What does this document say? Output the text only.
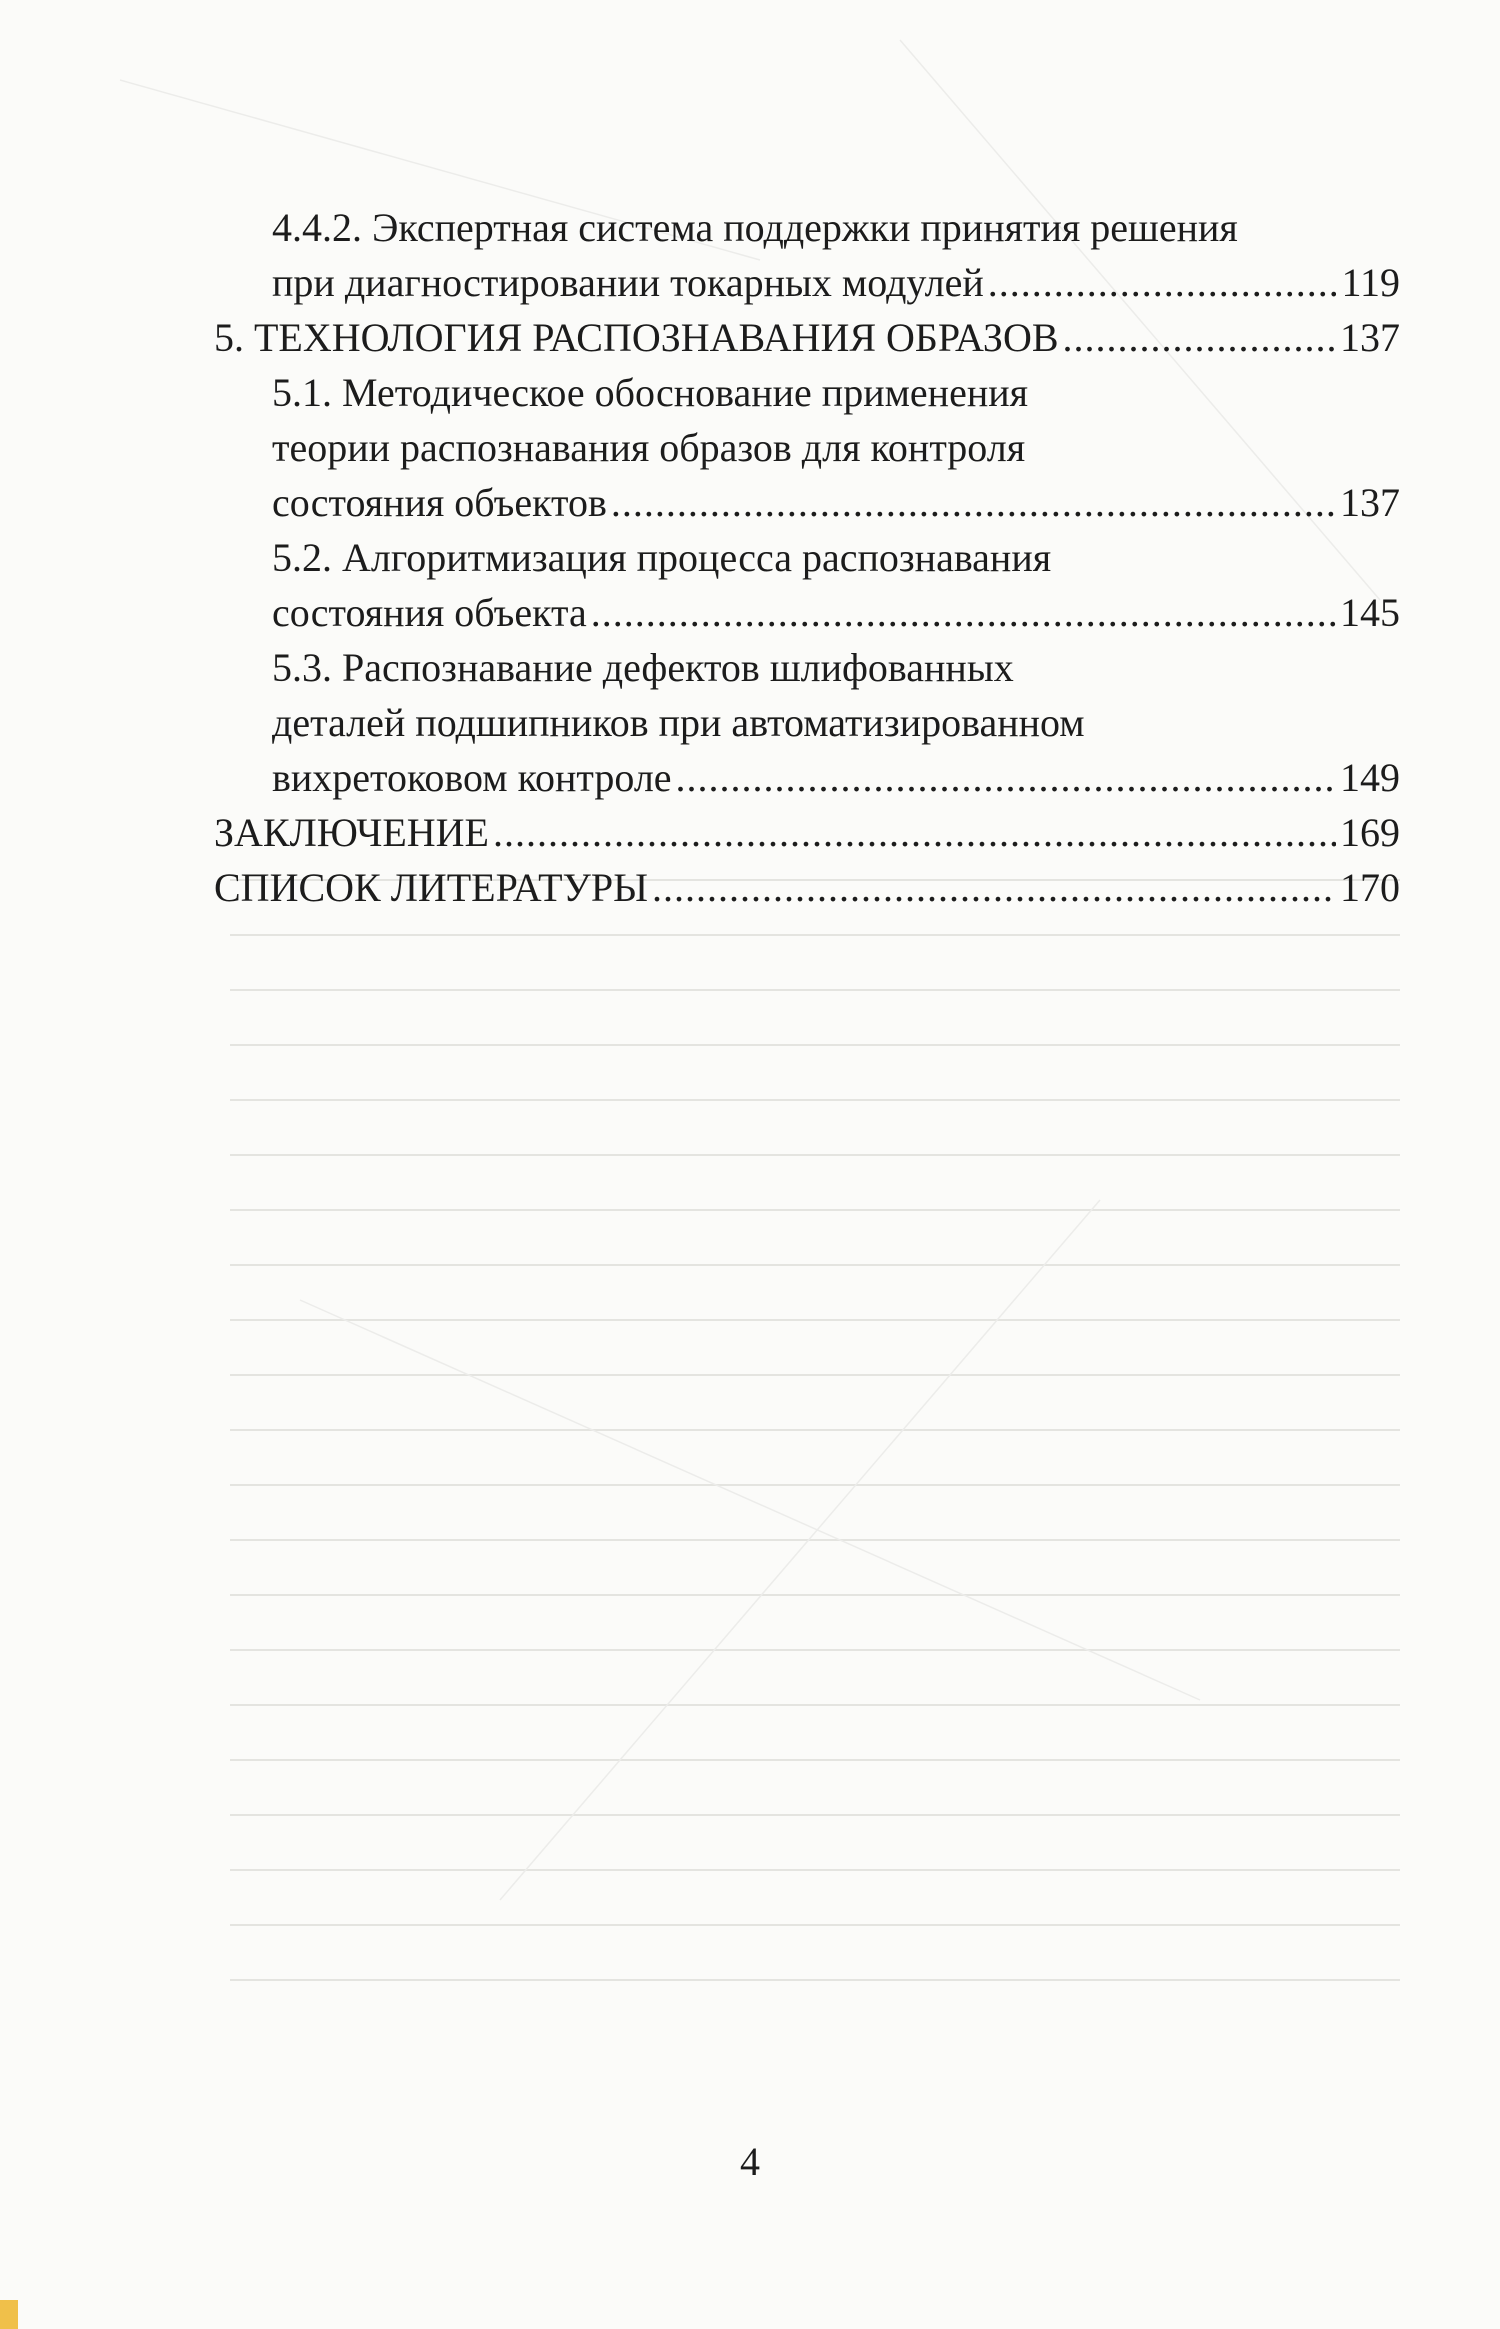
4.4.2. Экспертная система поддержки принятия решения
при диагностировании токарных модулей .....	119
5. ТЕХНОЛОГИЯ РАСПОЗНАВАНИЯ ОБРАЗОВ .....	137
5.1. Методическое обоснование применения
теории распознавания образов для контроля
состояния объектов .....	137
5.2. Алгоритмизация процесса распознавания
состояния объекта .....	145
5.3. Распознавание дефектов шлифованных
деталей подшипников при автоматизированном
вихретоковом контроле .....	149
ЗАКЛЮЧЕНИЕ .....	169
СПИСОК ЛИТЕРАТУРЫ .....	170
4
